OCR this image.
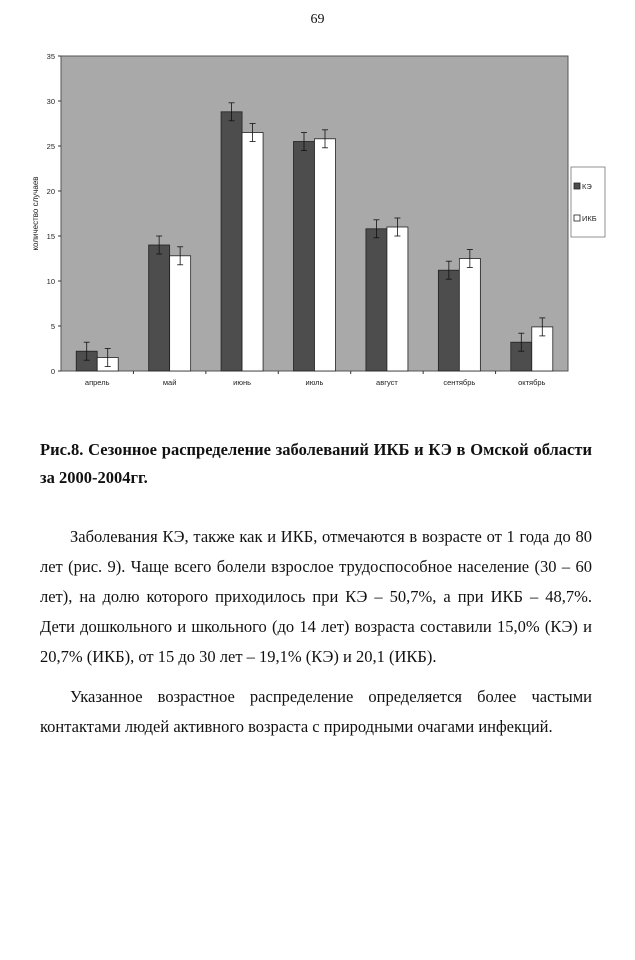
69
0
5
10
15
20
25
30
35
количество случаев
апрель	май	июнь	июль	август	сентябрь	октябрь
КЭ
ИКБ
Рис.8. Сезонное распределение заболеваний ИКБ и КЭ в Омской области за 2000-2004гг.

Заболевания КЭ, также как и ИКБ, отмечаются в возрасте от 1 года до 80 лет (рис. 9). Чаще всего болели взрослое трудоспособное население (30 – 60 лет), на долю которого приходилось при КЭ – 50,7%, а при ИКБ – 48,7%. Дети дошкольного и школьного (до 14 лет) возраста составили 15,0% (КЭ) и 20,7% (ИКБ), от 15 до 30 лет – 19,1% (КЭ) и 20,1 (ИКБ).

Указанное возрастное распределение определяется более частыми контактами людей активного возраста с природными очагами инфекций.
